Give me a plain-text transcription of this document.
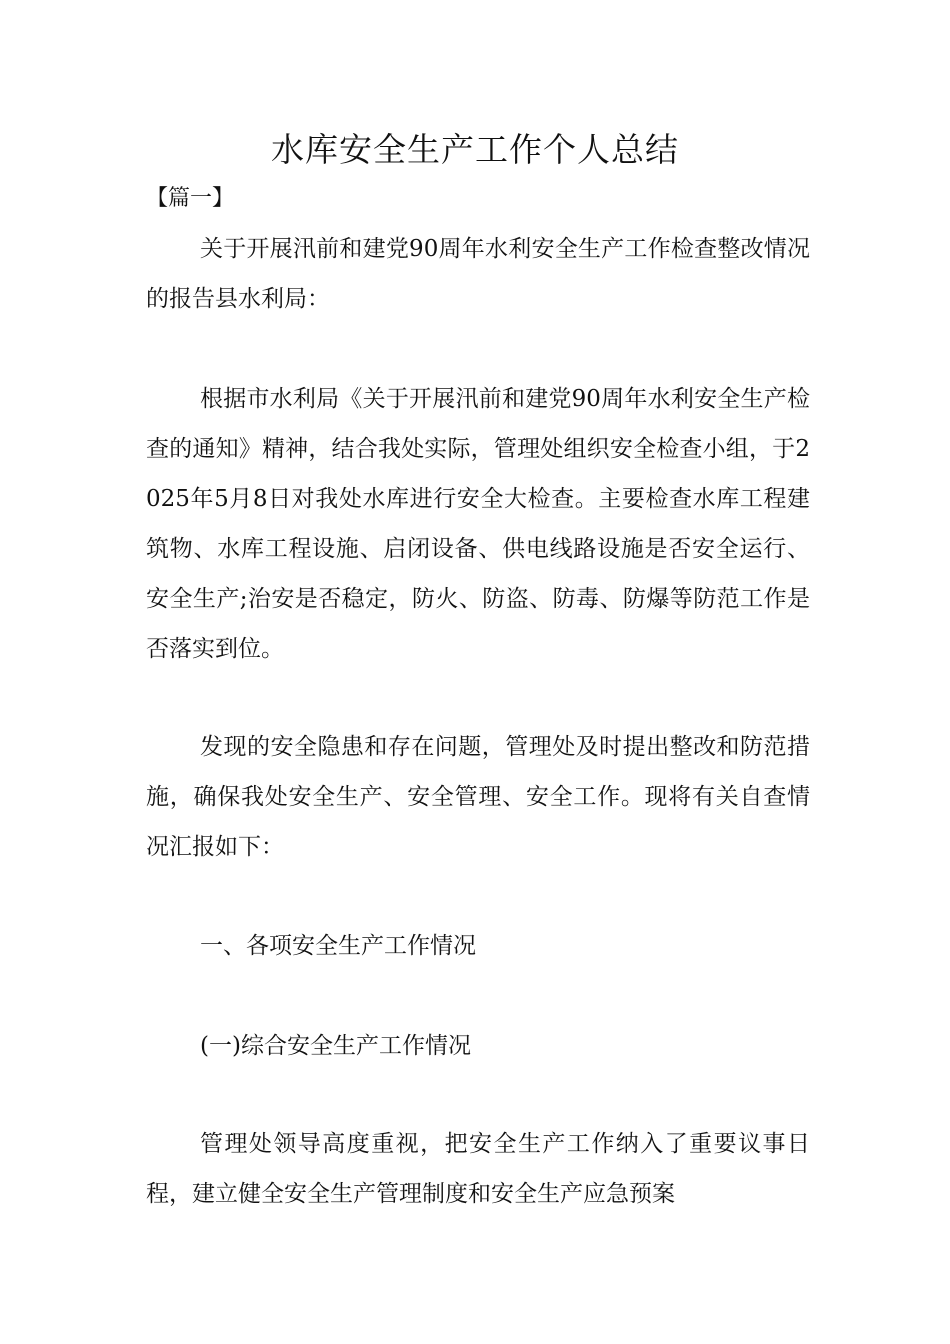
水库安全生产工作个人总结
【篇一】

关于开展汛前和建党90周年水利安全生产工作检查整改情况的报告县水利局：

根据市水利局《关于开展汛前和建党90周年水利安全生产检查的通知》精神，结合我处实际，管理处组织安全检查小组，于2025年5月8日对我处水库进行安全大检查。主要检查水库工程建筑物、水库工程设施、启闭设备、供电线路设施是否安全运行、安全生产;治安是否稳定，防火、防盗、防毒、防爆等防范工作是否落实到位。

发现的安全隐患和存在问题，管理处及时提出整改和防范措施，确保我处安全生产、安全管理、安全工作。现将有关自查情况汇报如下：

一、各项安全生产工作情况

(一)综合安全生产工作情况

管理处领导高度重视，把安全生产工作纳入了重要议事日程，建立健全安全生产管理制度和安全生产应急预案
